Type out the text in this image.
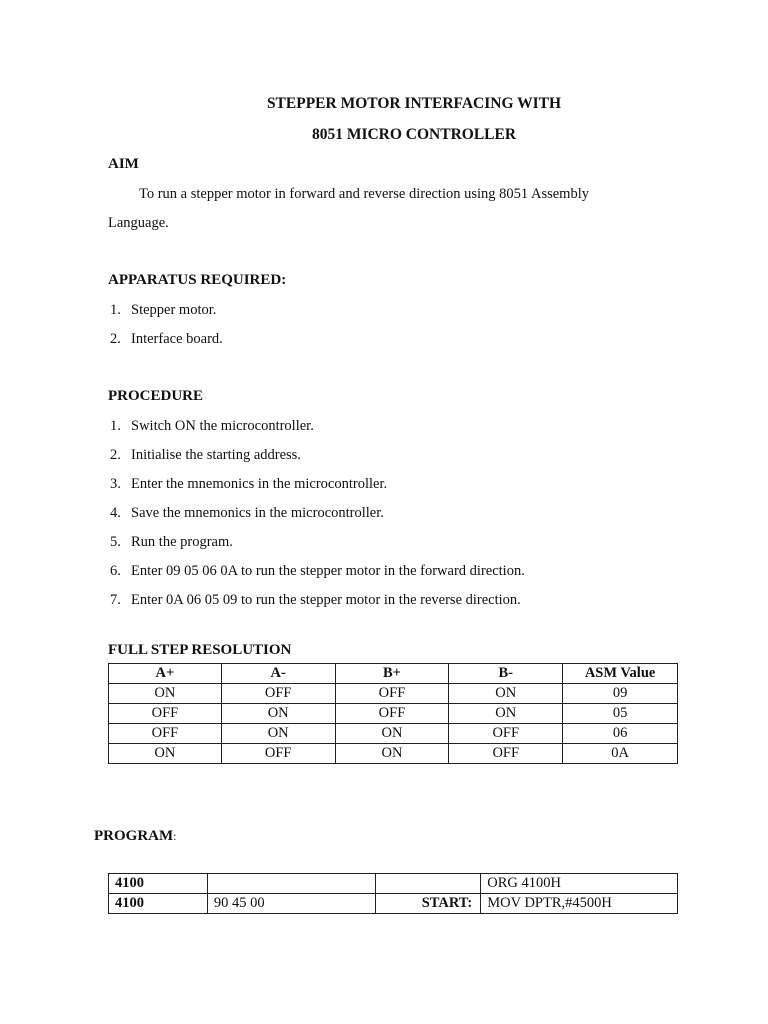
STEPPER MOTOR INTERFACING WITH
8051 MICRO CONTROLLER
AIM
To run a stepper motor in forward and reverse direction using 8051 Assembly
Language.
APPARATUS REQUIRED:
1. Stepper motor.
2. Interface board.
PROCEDURE
1. Switch ON the microcontroller.
2. Initialise the starting address.
3. Enter the mnemonics in the microcontroller.
4. Save the mnemonics in the microcontroller.
5. Run the program.
6. Enter 09 05 06 0A to run the stepper motor in the forward direction.
7. Enter 0A 06 05 09 to run the stepper motor in the reverse direction.
FULL STEP RESOLUTION
A+	A-	B+	B-	ASM Value
ON	OFF	OFF	ON	09
OFF	ON	OFF	ON	05
OFF	ON	ON	OFF	06
ON	OFF	ON	OFF	0A
PROGRAM:
4100			ORG 4100H
4100	90 45 00	START:	MOV DPTR,#4500H
